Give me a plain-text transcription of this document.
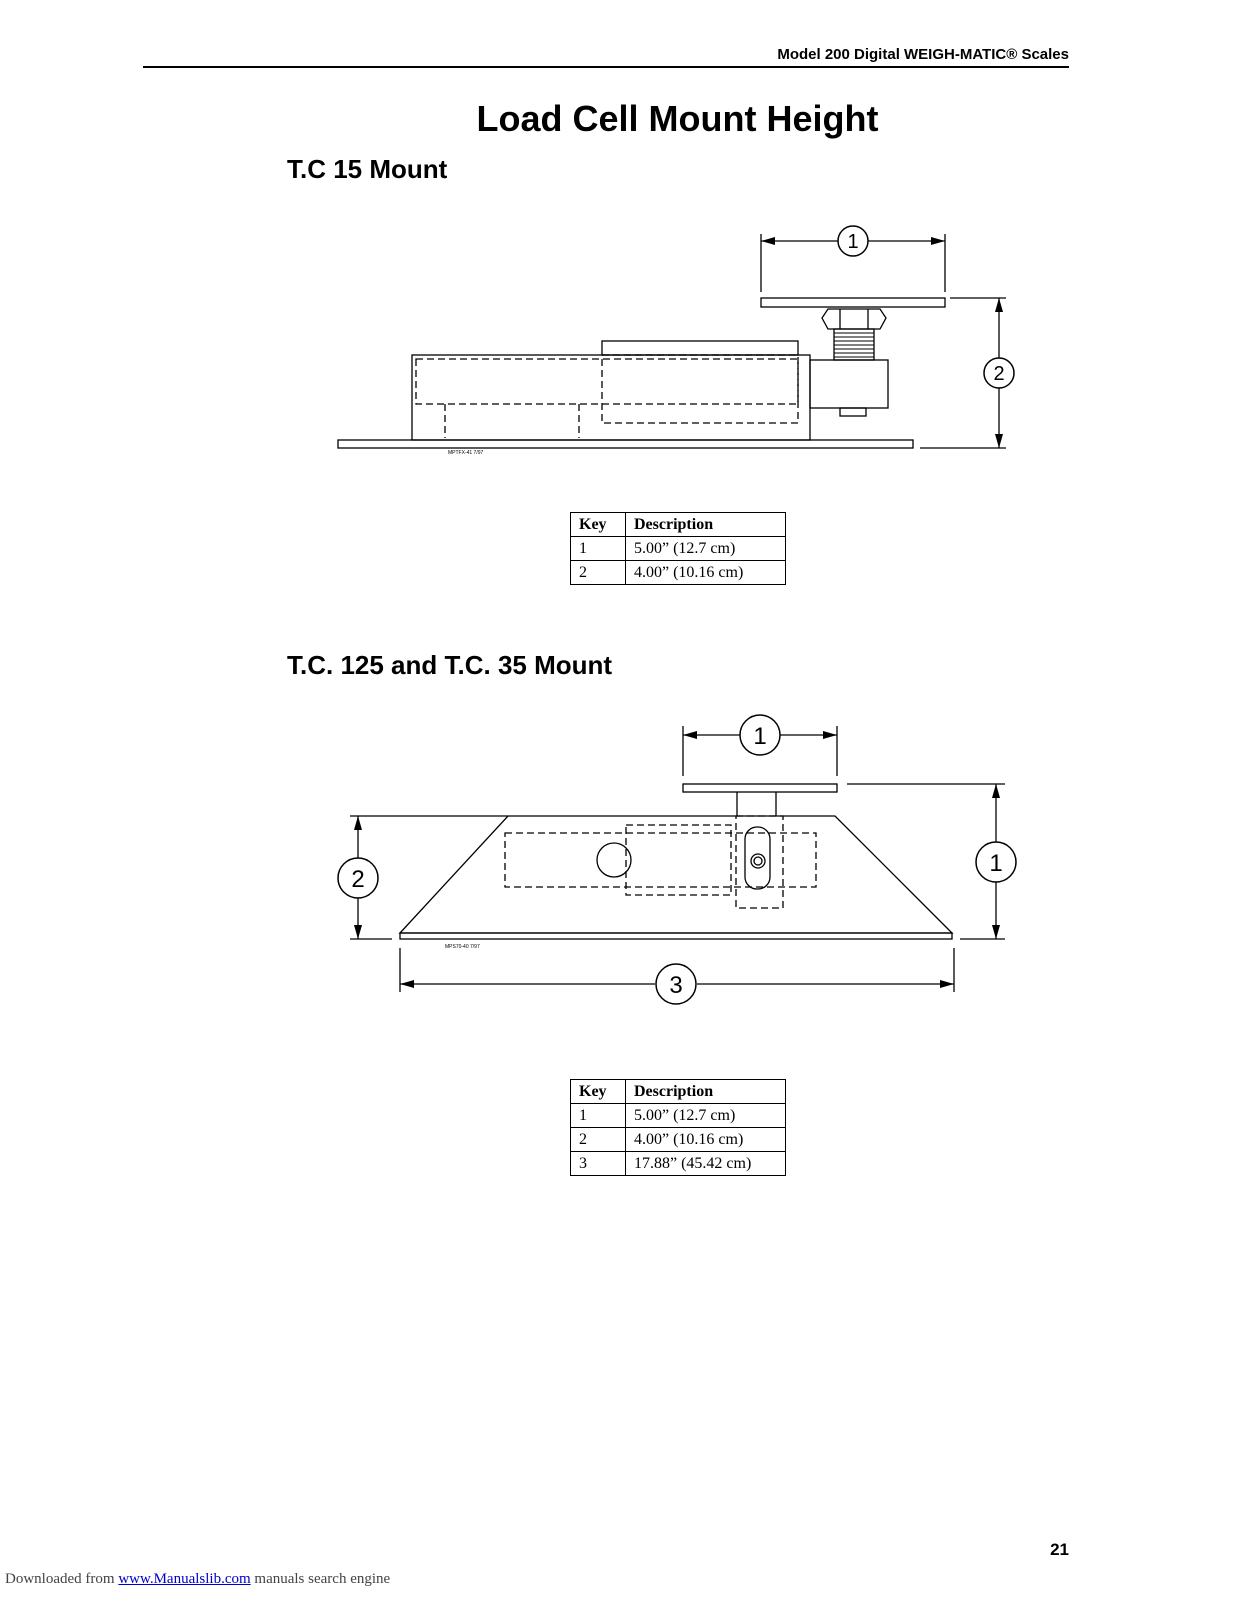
Model 200 Digital WEIGH-MATIC® Scales
Load Cell Mount Height
T.C 15 Mount
1
2
MPTFX-41 7/97
Key	Description
1	5.00” (12.7 cm)
2	4.00” (10.16 cm)
T.C. 125 and T.C. 35 Mount
1
2
1
3
MPS70-40 7/97
Key	Description
1	5.00” (12.7 cm)
2	4.00” (10.16 cm)
3	17.88” (45.42 cm)
21
Downloaded from www.Manualslib.com manuals search engine
